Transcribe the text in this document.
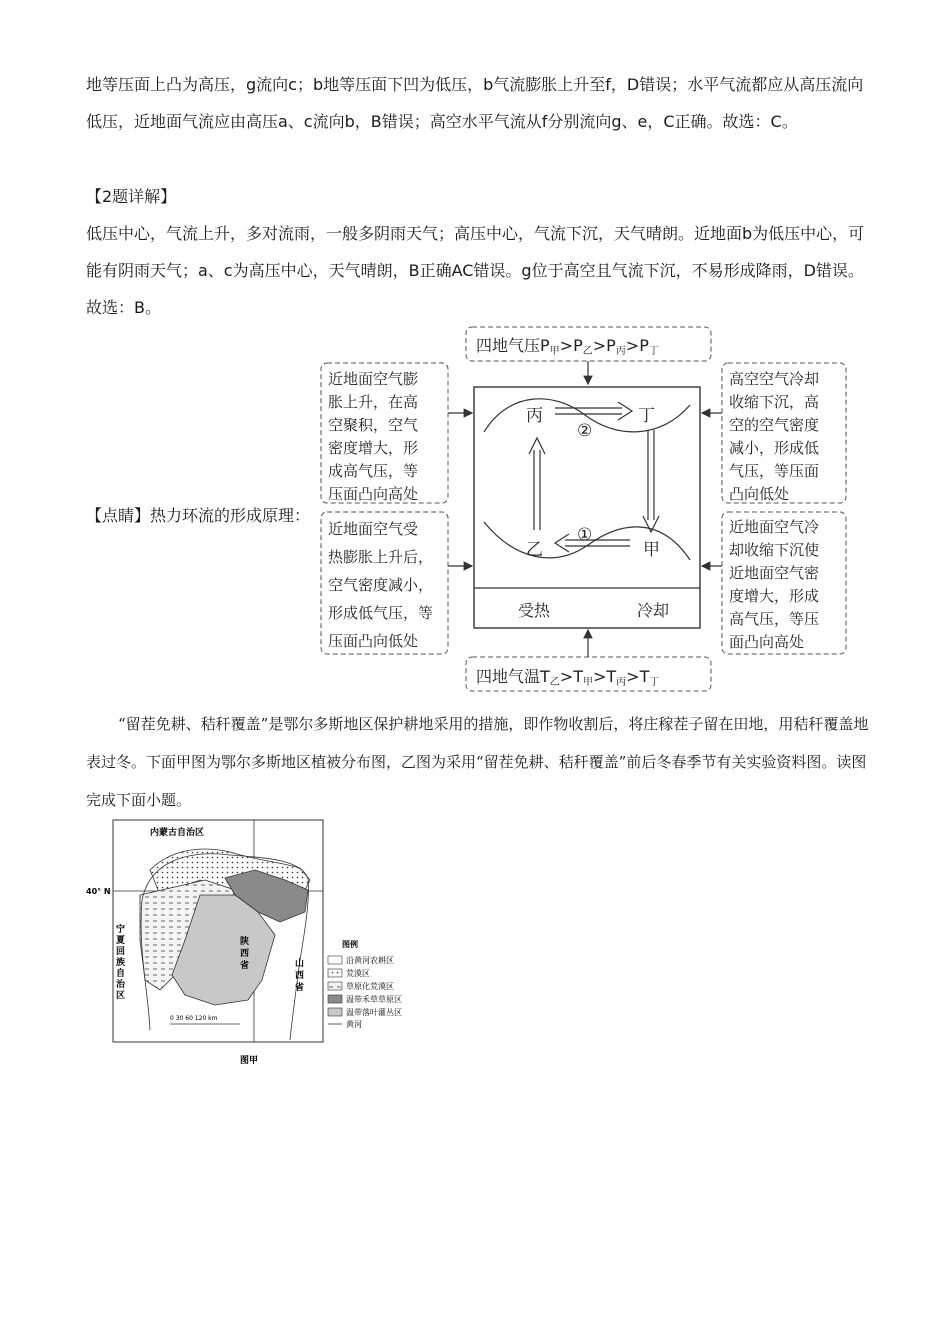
地等压面上凸为高压，g流向c；b地等压面下凹为低压，b气流膨胀上升至f，D错误；水平气流都应从高压流向低压，近地面气流应由高压a、c流向b，B错误；高空水平气流从f分别流向g、e，C正确。故选：C。
【2题详解】
低压中心，气流上升，多对流雨，一般多阴雨天气；高压中心，气流下沉，天气晴朗。近地面b为低压中心，可能有阴雨天气；a、c为高压中心，天气晴朗，B正确AC错误。g位于高空且气流下沉，不易形成降雨，D错误。故选：B。
【点睛】热力环流的形成原理：
四地气压P甲>P乙>P丙>P丁
四地气温T乙>T甲>T丙>T丁
受热	冷却
丙	丁
乙	甲
②
①
近地面空气膨
胀上升，在高
空聚积，空气
密度增大，形
成高气压，等
压面凸向高处
近地面空气受
热膨胀上升后，
空气密度减小，
形成低气压，等
压面凸向低处
高空空气冷却
收缩下沉，高
空的空气密度
减小，形成低
气压，等压面
凸向低处
近地面空气冷
却收缩下沉使
近地面空气密
度增大，形成
高气压，等压
面凸向高处
“留茬免耕、秸秆覆盖”是鄂尔多斯地区保护耕地采用的措施，即作物收割后，将庄稼茬子留在田地，用秸秆覆盖地表过冬。下面甲图为鄂尔多斯地区植被分布图，乙图为采用“留茬免耕、秸秆覆盖”前后冬春季节有关实验资料图。读图完成下面小题。
内蒙古自治区
40° N
宁
夏
回
族
自
治
区
陕
西
省	山
西
省
0 30 60 120 km
图甲
图例
沿黄河农耕区
荒漠区
草原化荒漠区
温带禾草草原区
温带落叶灌丛区
黄河
